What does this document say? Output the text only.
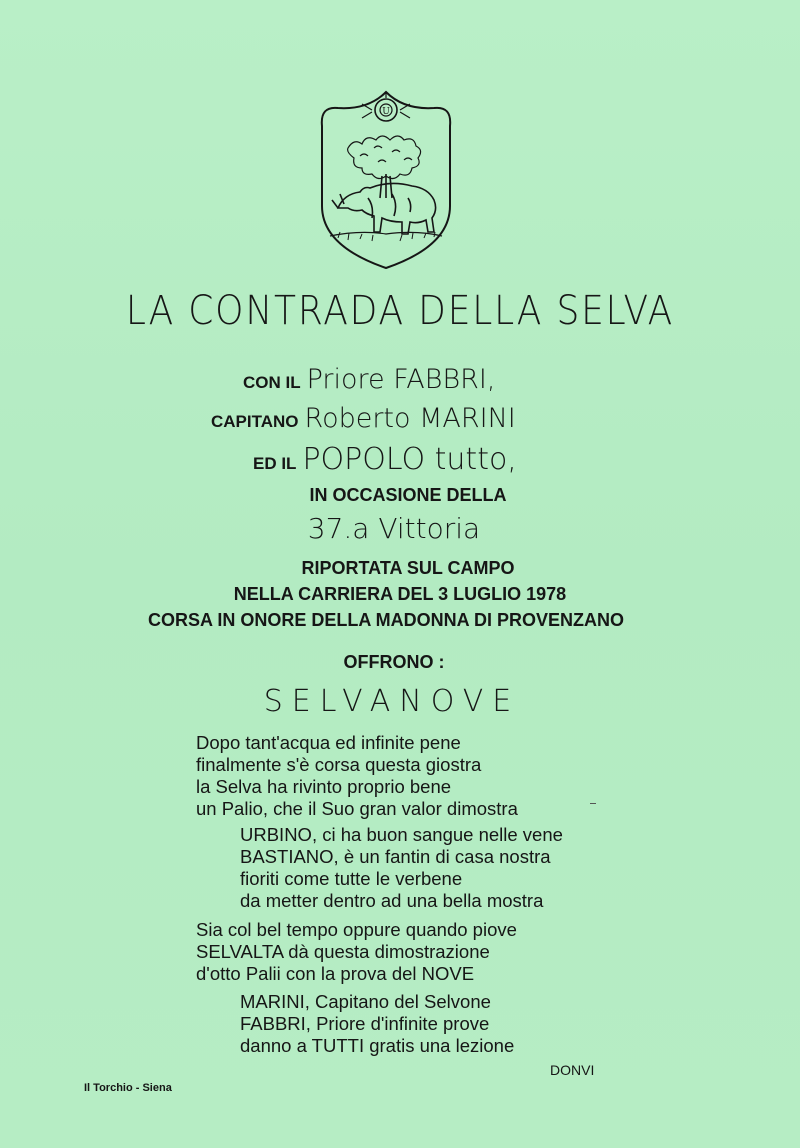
U
LA CONTRADA DELLA SELVA
CON IL Priore FABBRI,
CAPITANO Roberto MARINI
ED IL POPOLO tutto,
IN OCCASIONE DELLA
37.a Vittoria
RIPORTATA SUL CAMPO
NELLA CARRIERA DEL 3 LUGLIO 1978
CORSA IN ONORE DELLA MADONNA DI PROVENZANO
OFFRONO :
SELVANOVE
Dopo tant'acqua ed infinite pene
finalmente s'è corsa questa giostra
la Selva ha rivinto proprio bene
un Palio, che il Suo gran valor dimostra
URBINO, ci ha buon sangue nelle vene
BASTIANO, è un fantin di casa nostra
fioriti come tutte le verbene
da metter dentro ad una bella mostra
Sia col bel tempo oppure quando piove
SELVALTA dà questa dimostrazione
d'otto Palii con la prova del NOVE
MARINI, Capitano del Selvone
FABBRI, Priore d'infinite prove
danno a TUTTI gratis una lezione
DONVI
Il Torchio - Siena
